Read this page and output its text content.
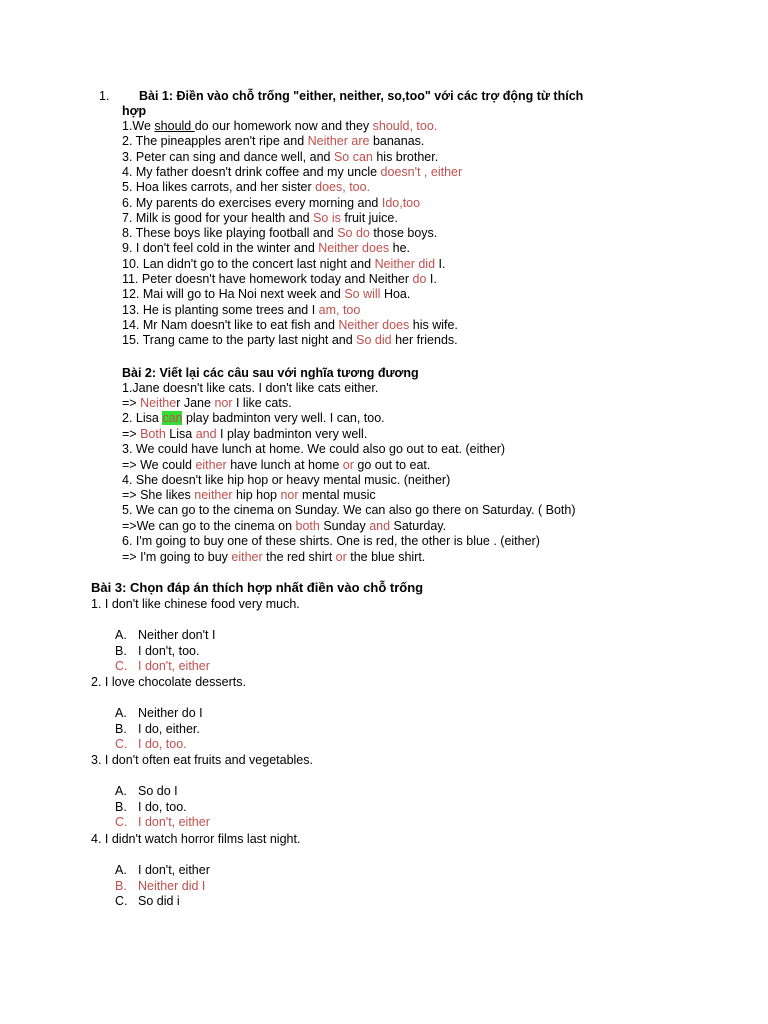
1. Bài 1: Điền vào chỗ trống "either, neither, so,too" với các trợ động từ thích
hợp
1.We should do our homework now and they should, too.
2. The pineapples aren't ripe and Neither are bananas.
3. Peter can sing and dance well, and So can his brother.
4. My father doesn't drink coffee and my uncle doesn't , either
5. Hoa likes carrots, and her sister does, too.
6. My parents do exercises every morning and Ido,too
7. Milk is good for your health and So is fruit juice.
8. These boys like playing football and So do those boys.
9. I don't feel cold in the winter and Neither does he.
10. Lan didn't go to the concert last night and Neither did I.
11. Peter doesn't have homework today and Neither do I.
12. Mai will go to Ha Noi next week and So will Hoa.
13. He is planting some trees and I am, too
14. Mr Nam doesn't like to eat fish and Neither does his wife.
15. Trang came to the party last night and So did her friends.
Bài 2: Viết lại các câu sau với nghĩa tương đương
1.Jane doesn't like cats. I don't like cats either.
=> Neither Jane nor I like cats.
2. Lisa can play badminton very well. I can, too.
=> Both Lisa and I play badminton very well.
3. We could have lunch at home. We could also go out to eat. (either)
=> We could either have lunch at home or go out to eat.
4. She doesn't like hip hop or heavy mental music. (neither)
=> She likes neither hip hop nor mental music
5. We can go to the cinema on Sunday. We can also go there on Saturday. ( Both)
=>We can go to the cinema on both Sunday and Saturday.
6. I'm going to buy one of these shirts. One is red, the other is blue . (either)
=> I'm going to buy either the red shirt or the blue shirt.
Bài 3: Chọn đáp án thích hợp nhất điền vào chỗ trống
1. I don't like chinese food very much.
A. Neither don't I
B. I don't, too.
C. I don't, either
2. I love chocolate desserts.
A. Neither do I
B. I do, either.
C. I do, too.
3. I don't often eat fruits and vegetables.
A. So do I
B. I do, too.
C. I don't, either
4. I didn't watch horror films last night.
A. I don't, either
B. Neither did I
C. So did i
